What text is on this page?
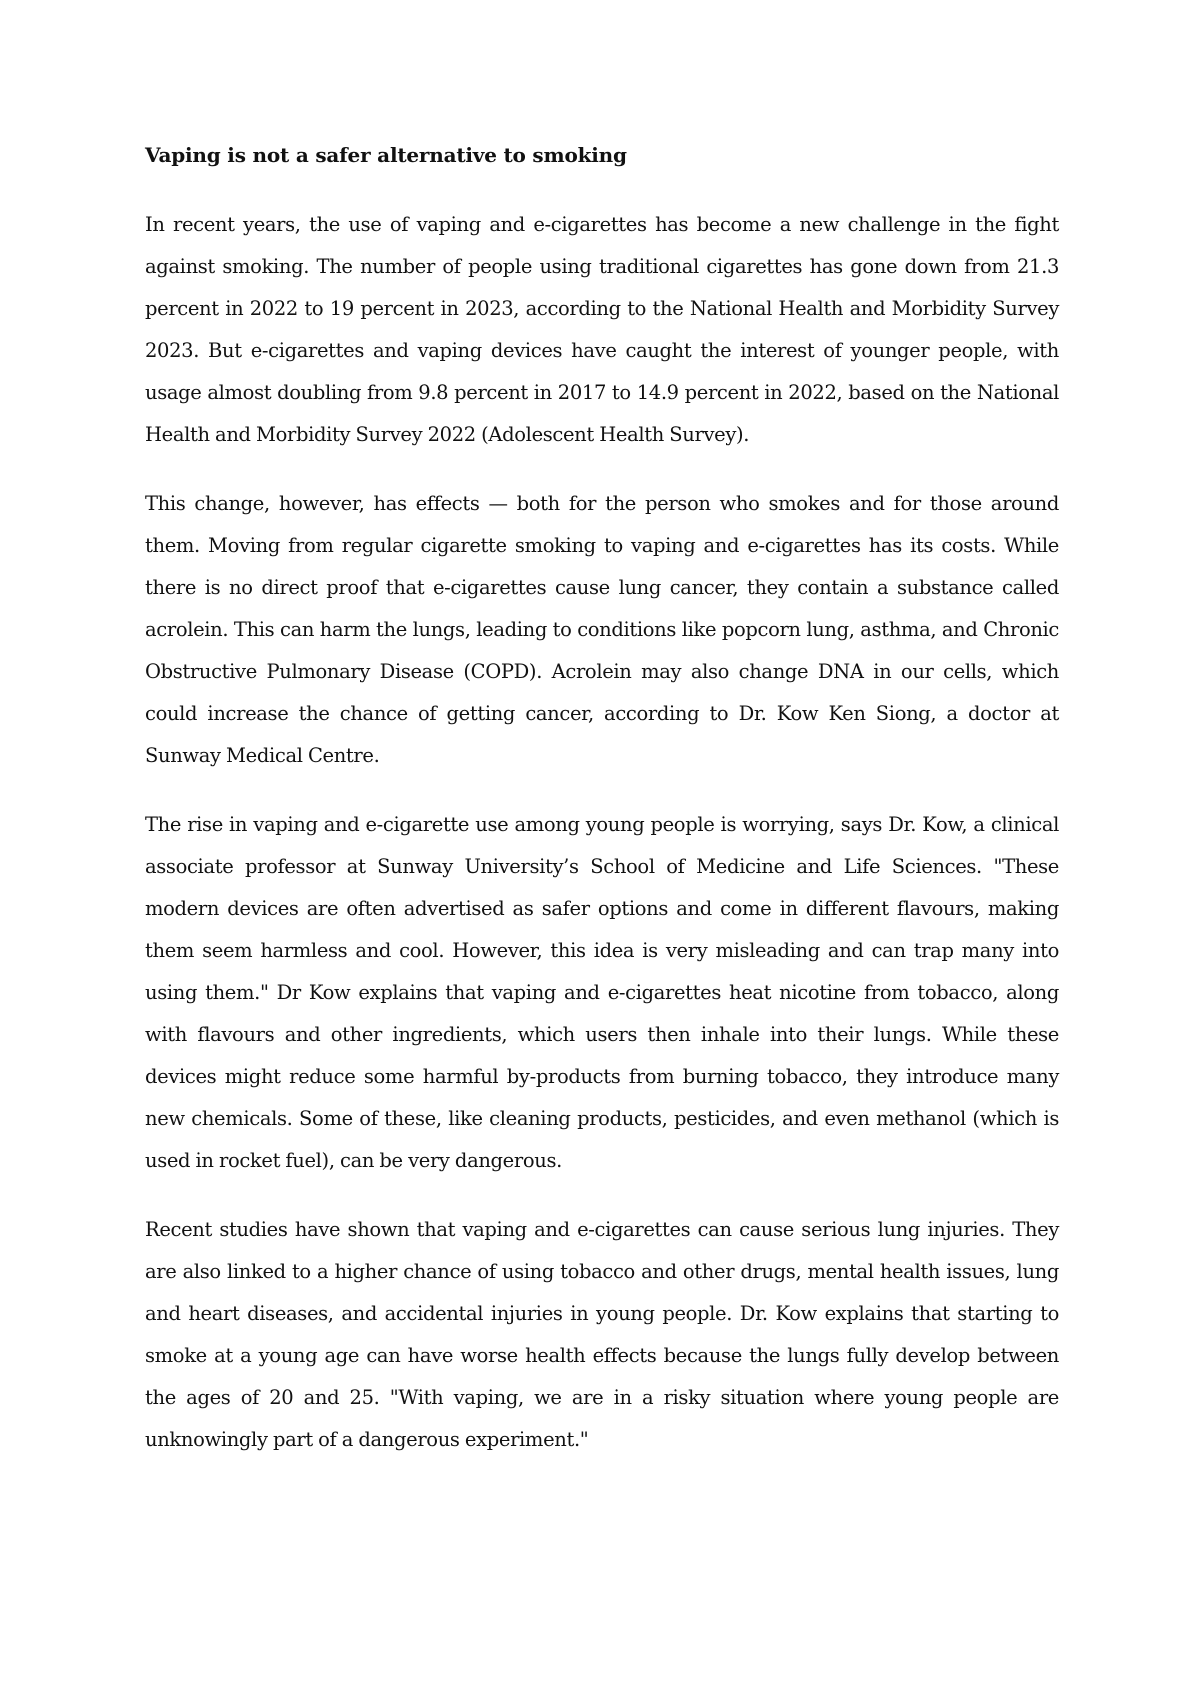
Vaping is not a safer alternative to smoking

In recent years, the use of vaping and e-cigarettes has become a new challenge in the fight against smoking. The number of people using traditional cigarettes has gone down from 21.3 percent in 2022 to 19 percent in 2023, according to the National Health and Morbidity Survey 2023. But e-cigarettes and vaping devices have caught the interest of younger people, with usage almost doubling from 9.8 percent in 2017 to 14.9 percent in 2022, based on the National Health and Morbidity Survey 2022 (Adolescent Health Survey).

This change, however, has effects — both for the person who smokes and for those around them. Moving from regular cigarette smoking to vaping and e-cigarettes has its costs. While there is no direct proof that e-cigarettes cause lung cancer, they contain a substance called acrolein. This can harm the lungs, leading to conditions like popcorn lung, asthma, and Chronic Obstructive Pulmonary Disease (COPD). Acrolein may also change DNA in our cells, which could increase the chance of getting cancer, according to Dr. Kow Ken Siong, a doctor at Sunway Medical Centre.

The rise in vaping and e-cigarette use among young people is worrying, says Dr. Kow, a clinical associate professor at Sunway University’s School of Medicine and Life Sciences. "These modern devices are often advertised as safer options and come in different flavours, making them seem harmless and cool. However, this idea is very misleading and can trap many into using them." Dr Kow explains that vaping and e-cigarettes heat nicotine from tobacco, along with flavours and other ingredients, which users then inhale into their lungs. While these devices might reduce some harmful by-products from burning tobacco, they introduce many new chemicals. Some of these, like cleaning products, pesticides, and even methanol (which is used in rocket fuel), can be very dangerous.

Recent studies have shown that vaping and e-cigarettes can cause serious lung injuries. They are also linked to a higher chance of using tobacco and other drugs, mental health issues, lung and heart diseases, and accidental injuries in young people. Dr. Kow explains that starting to smoke at a young age can have worse health effects because the lungs fully develop between the ages of 20 and 25. "With vaping, we are in a risky situation where young people are unknowingly part of a dangerous experiment."
